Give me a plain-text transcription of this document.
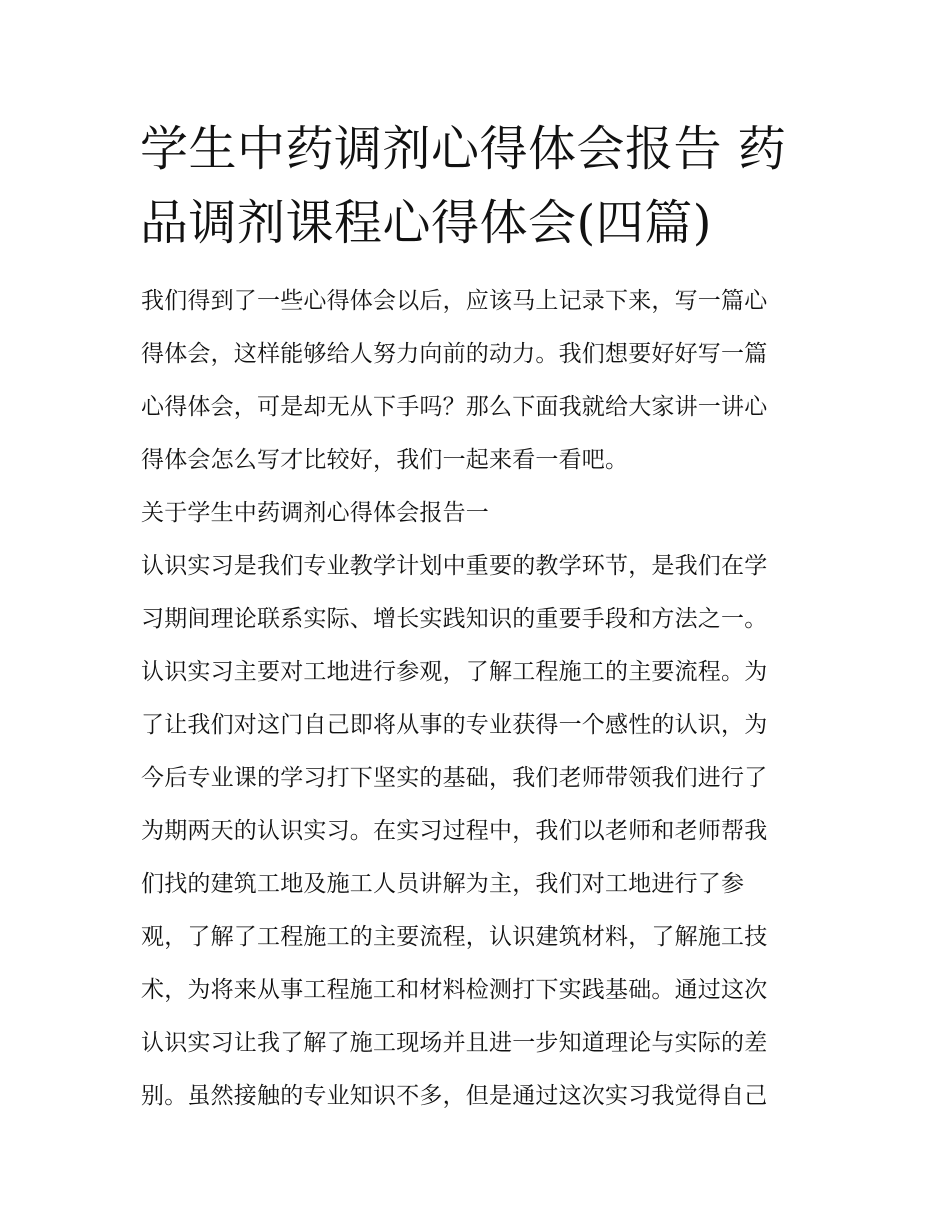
学生中药调剂心得体会报告 药
品调剂课程心得体会(四篇)
我们得到了一些心得体会以后，应该马上记录下来，写一篇心
得体会，这样能够给人努力向前的动力。我们想要好好写一篇
心得体会，可是却无从下手吗？那么下面我就给大家讲一讲心
得体会怎么写才比较好，我们一起来看一看吧。
关于学生中药调剂心得体会报告一
认识实习是我们专业教学计划中重要的教学环节，是我们在学
习期间理论联系实际、增长实践知识的重要手段和方法之一。
认识实习主要对工地进行参观，了解工程施工的主要流程。为
了让我们对这门自己即将从事的专业获得一个感性的认识，为
今后专业课的学习打下坚实的基础，我们老师带领我们进行了
为期两天的认识实习。在实习过程中，我们以老师和老师帮我
们找的建筑工地及施工人员讲解为主，我们对工地进行了参
观，了解了工程施工的主要流程，认识建筑材料，了解施工技
术，为将来从事工程施工和材料检测打下实践基础。通过这次
认识实习让我了解了施工现场并且进一步知道理论与实际的差
别。虽然接触的专业知识不多，但是通过这次实习我觉得自己
